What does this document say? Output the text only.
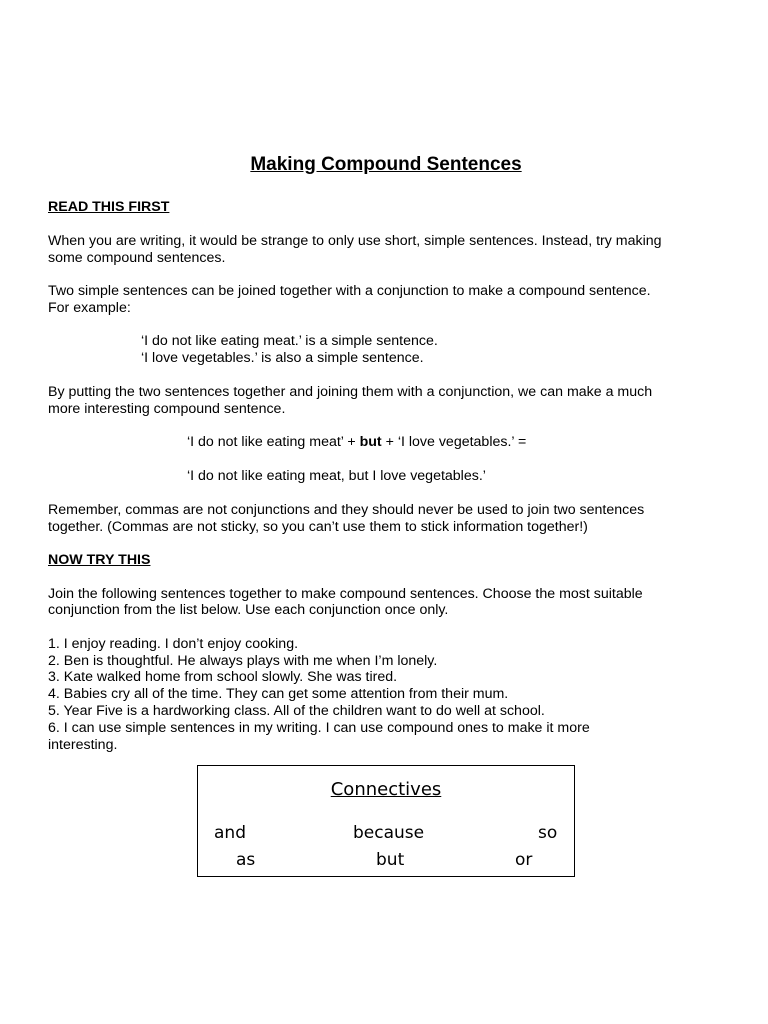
Making Compound Sentences
READ THIS FIRST
When you are writing, it would be strange to only use short, simple sentences. Instead, try making
some compound sentences.
Two simple sentences can be joined together with a conjunction to make a compound sentence.
For example:
‘I do not like eating meat.’ is a simple sentence.
‘I love vegetables.’ is also a simple sentence.
By putting the two sentences together and joining them with a conjunction, we can make a much
more interesting compound sentence.
‘I do not like eating meat’ + but + ‘I love vegetables.’ =
‘I do not like eating meat, but I love vegetables.’
Remember, commas are not conjunctions and they should never be used to join two sentences
together. (Commas are not sticky, so you can’t use them to stick information together!)
NOW TRY THIS
Join the following sentences together to make compound sentences. Choose the most suitable
conjunction from the list below. Use each conjunction once only.
1. I enjoy reading. I don’t enjoy cooking.
2. Ben is thoughtful. He always plays with me when I’m lonely.
3. Kate walked home from school slowly. She was tired.
4. Babies cry all of the time. They can get some attention from their mum.
5. Year Five is a hardworking class. All of the children want to do well at school.
6. I can use simple sentences in my writing. I can use compound ones to make it more
interesting.
Connectives
and	because	so
as	but	or
